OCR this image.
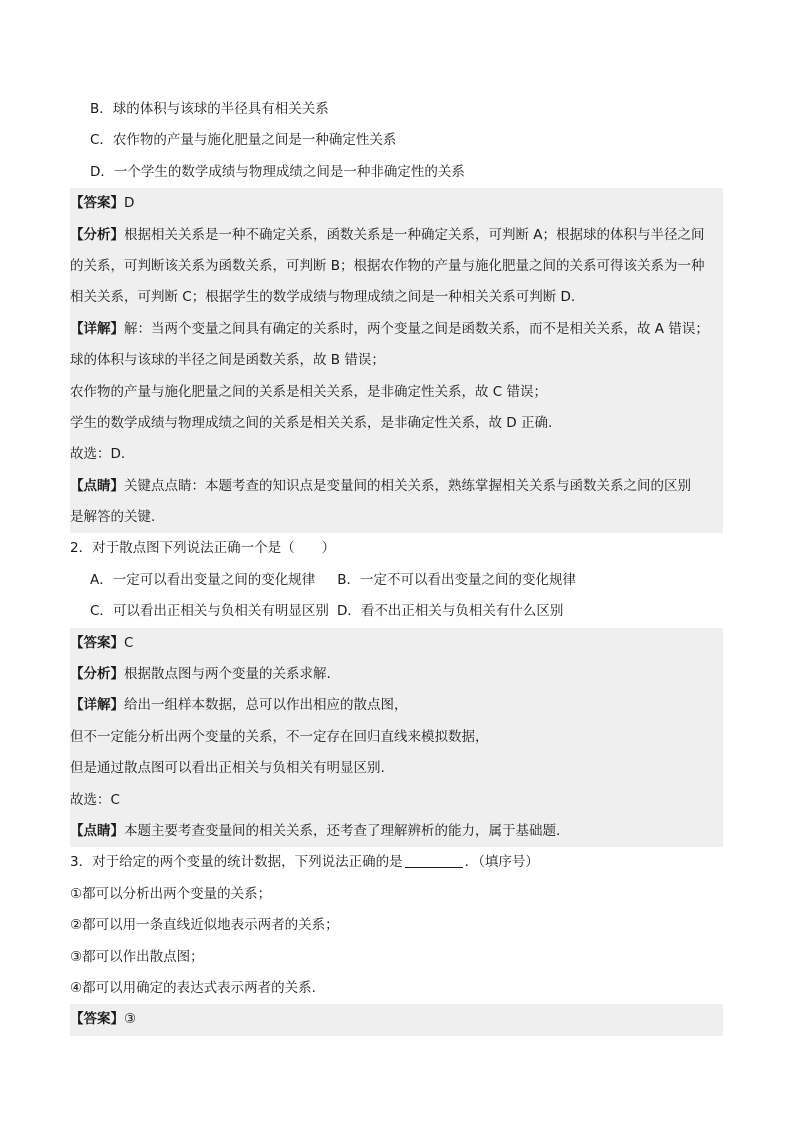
B．球的体积与该球的半径具有相关关系
C．农作物的产量与施化肥量之间是一种确定性关系
D．一个学生的数学成绩与物理成绩之间是一种非确定性的关系
【答案】D
【分析】根据相关关系是一种不确定关系，函数关系是一种确定关系，可判断 A；根据球的体积与半径之间
的关系，可判断该关系为函数关系，可判断 B；根据农作物的产量与施化肥量之间的关系可得该关系为一种
相关关系，可判断 C；根据学生的数学成绩与物理成绩之间是一种相关关系可判断 D.
【详解】解：当两个变量之间具有确定的关系时，两个变量之间是函数关系，而不是相关关系，故 A 错误；
球的体积与该球的半径之间是函数关系，故 B 错误；
农作物的产量与施化肥量之间的关系是相关关系，是非确定性关系，故 C 错误；
学生的数学成绩与物理成绩之间的关系是相关关系，是非确定性关系，故 D 正确.
故选：D.
【点睛】关键点点睛：本题考查的知识点是变量间的相关关系，熟练掌握相关关系与函数关系之间的区别
是解答的关键.
2．对于散点图下列说法正确一个是（　　）
A．一定可以看出变量之间的变化规律 B．一定不可以看出变量之间的变化规律
C．可以看出正相关与负相关有明显区别 D．看不出正相关与负相关有什么区别
【答案】C
【分析】根据散点图与两个变量的关系求解.
【详解】给出一组样本数据，总可以作出相应的散点图，
但不一定能分析出两个变量的关系，不一定存在回归直线来模拟数据，
但是通过散点图可以看出正相关与负相关有明显区别.
故选：C
【点睛】本题主要考查变量间的相关关系，还考查了理解辨析的能力，属于基础题.
3．对于给定的两个变量的统计数据，下列说法正确的是	．（填序号）
①都可以分析出两个变量的关系；
②都可以用一条直线近似地表示两者的关系；
③都可以作出散点图；
④都可以用确定的表达式表示两者的关系.
【答案】③
